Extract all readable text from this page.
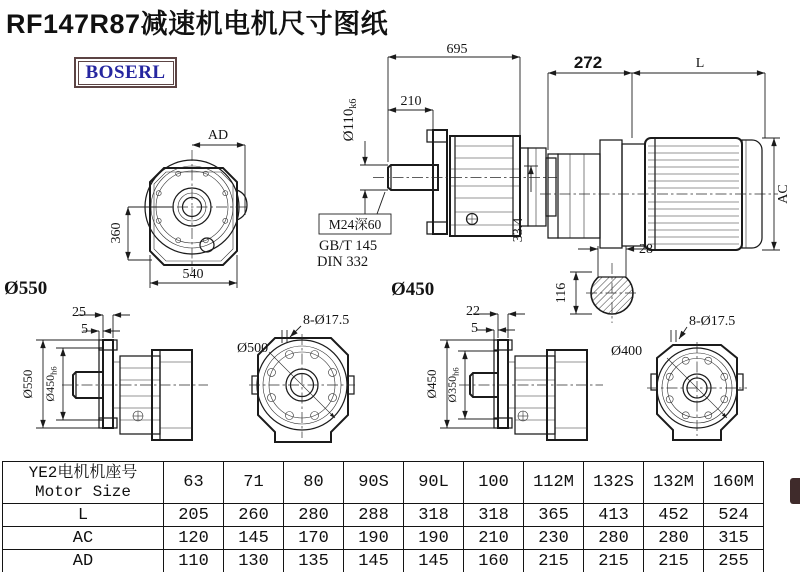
RF147R87减速机电机尺寸图纸
BOSERL
AD
360
540
Ø550
695
210
$Ø110_{k6}$
33.4
M24深60
GB/T 145
DIN 332
Ø450
272	L
AC
28
116
25
5
Ø550 $Ø450_{h6}$
8-Ø17.5
Ø500
22
5
Ø450 $Ø350_{h6}$
8-Ø17.5
Ø400
YE2电机机座号
Motor Size	63	71	80	90S	90L	100	112M	132S	132M	160M
L	205	260	280	288	318	318	365	413	452	524
AC	120	145	170	190	190	210	230	280	280	315
AD	110	130	135	145	145	160	215	215	215	255
